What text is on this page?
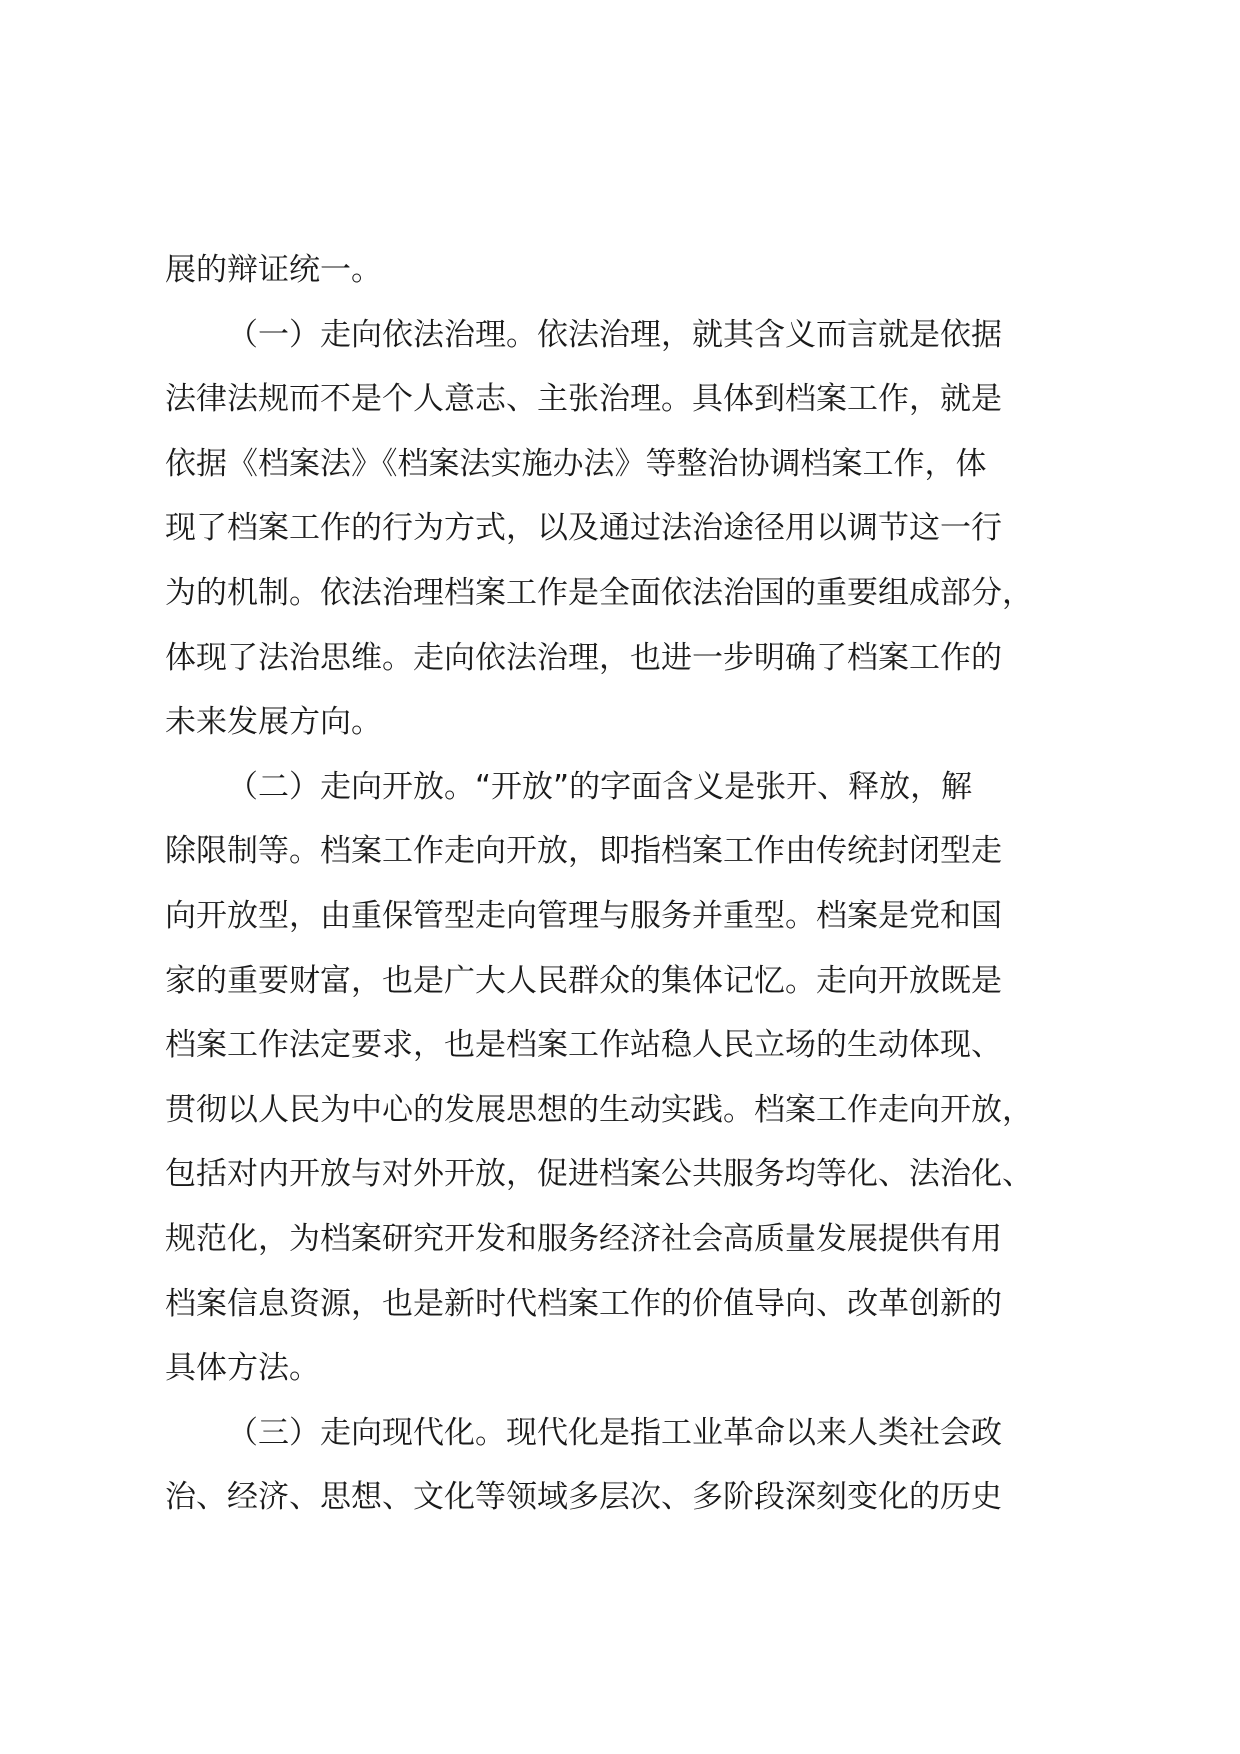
展的辩证统一。
（一）走向依法治理。依法治理，就其含义而言就是依据
法律法规而不是个人意志、主张治理。具体到档案工作，就是
依据《档案法》《档案法实施办法》等整治协调档案工作，体
现了档案工作的行为方式，以及通过法治途径用以调节这一行
为的机制。依法治理档案工作是全面依法治国的重要组成部分，
体现了法治思维。走向依法治理，也进一步明确了档案工作的
未来发展方向。
（二）走向开放。“开放”的字面含义是张开、释放，解
除限制等。档案工作走向开放，即指档案工作由传统封闭型走
向开放型，由重保管型走向管理与服务并重型。档案是党和国
家的重要财富，也是广大人民群众的集体记忆。走向开放既是
档案工作法定要求，也是档案工作站稳人民立场的生动体现、
贯彻以人民为中心的发展思想的生动实践。档案工作走向开放，
包括对内开放与对外开放，促进档案公共服务均等化、法治化、
规范化，为档案研究开发和服务经济社会高质量发展提供有用
档案信息资源，也是新时代档案工作的价值导向、改革创新的
具体方法。
（三）走向现代化。现代化是指工业革命以来人类社会政
治、经济、思想、文化等领域多层次、多阶段深刻变化的历史
